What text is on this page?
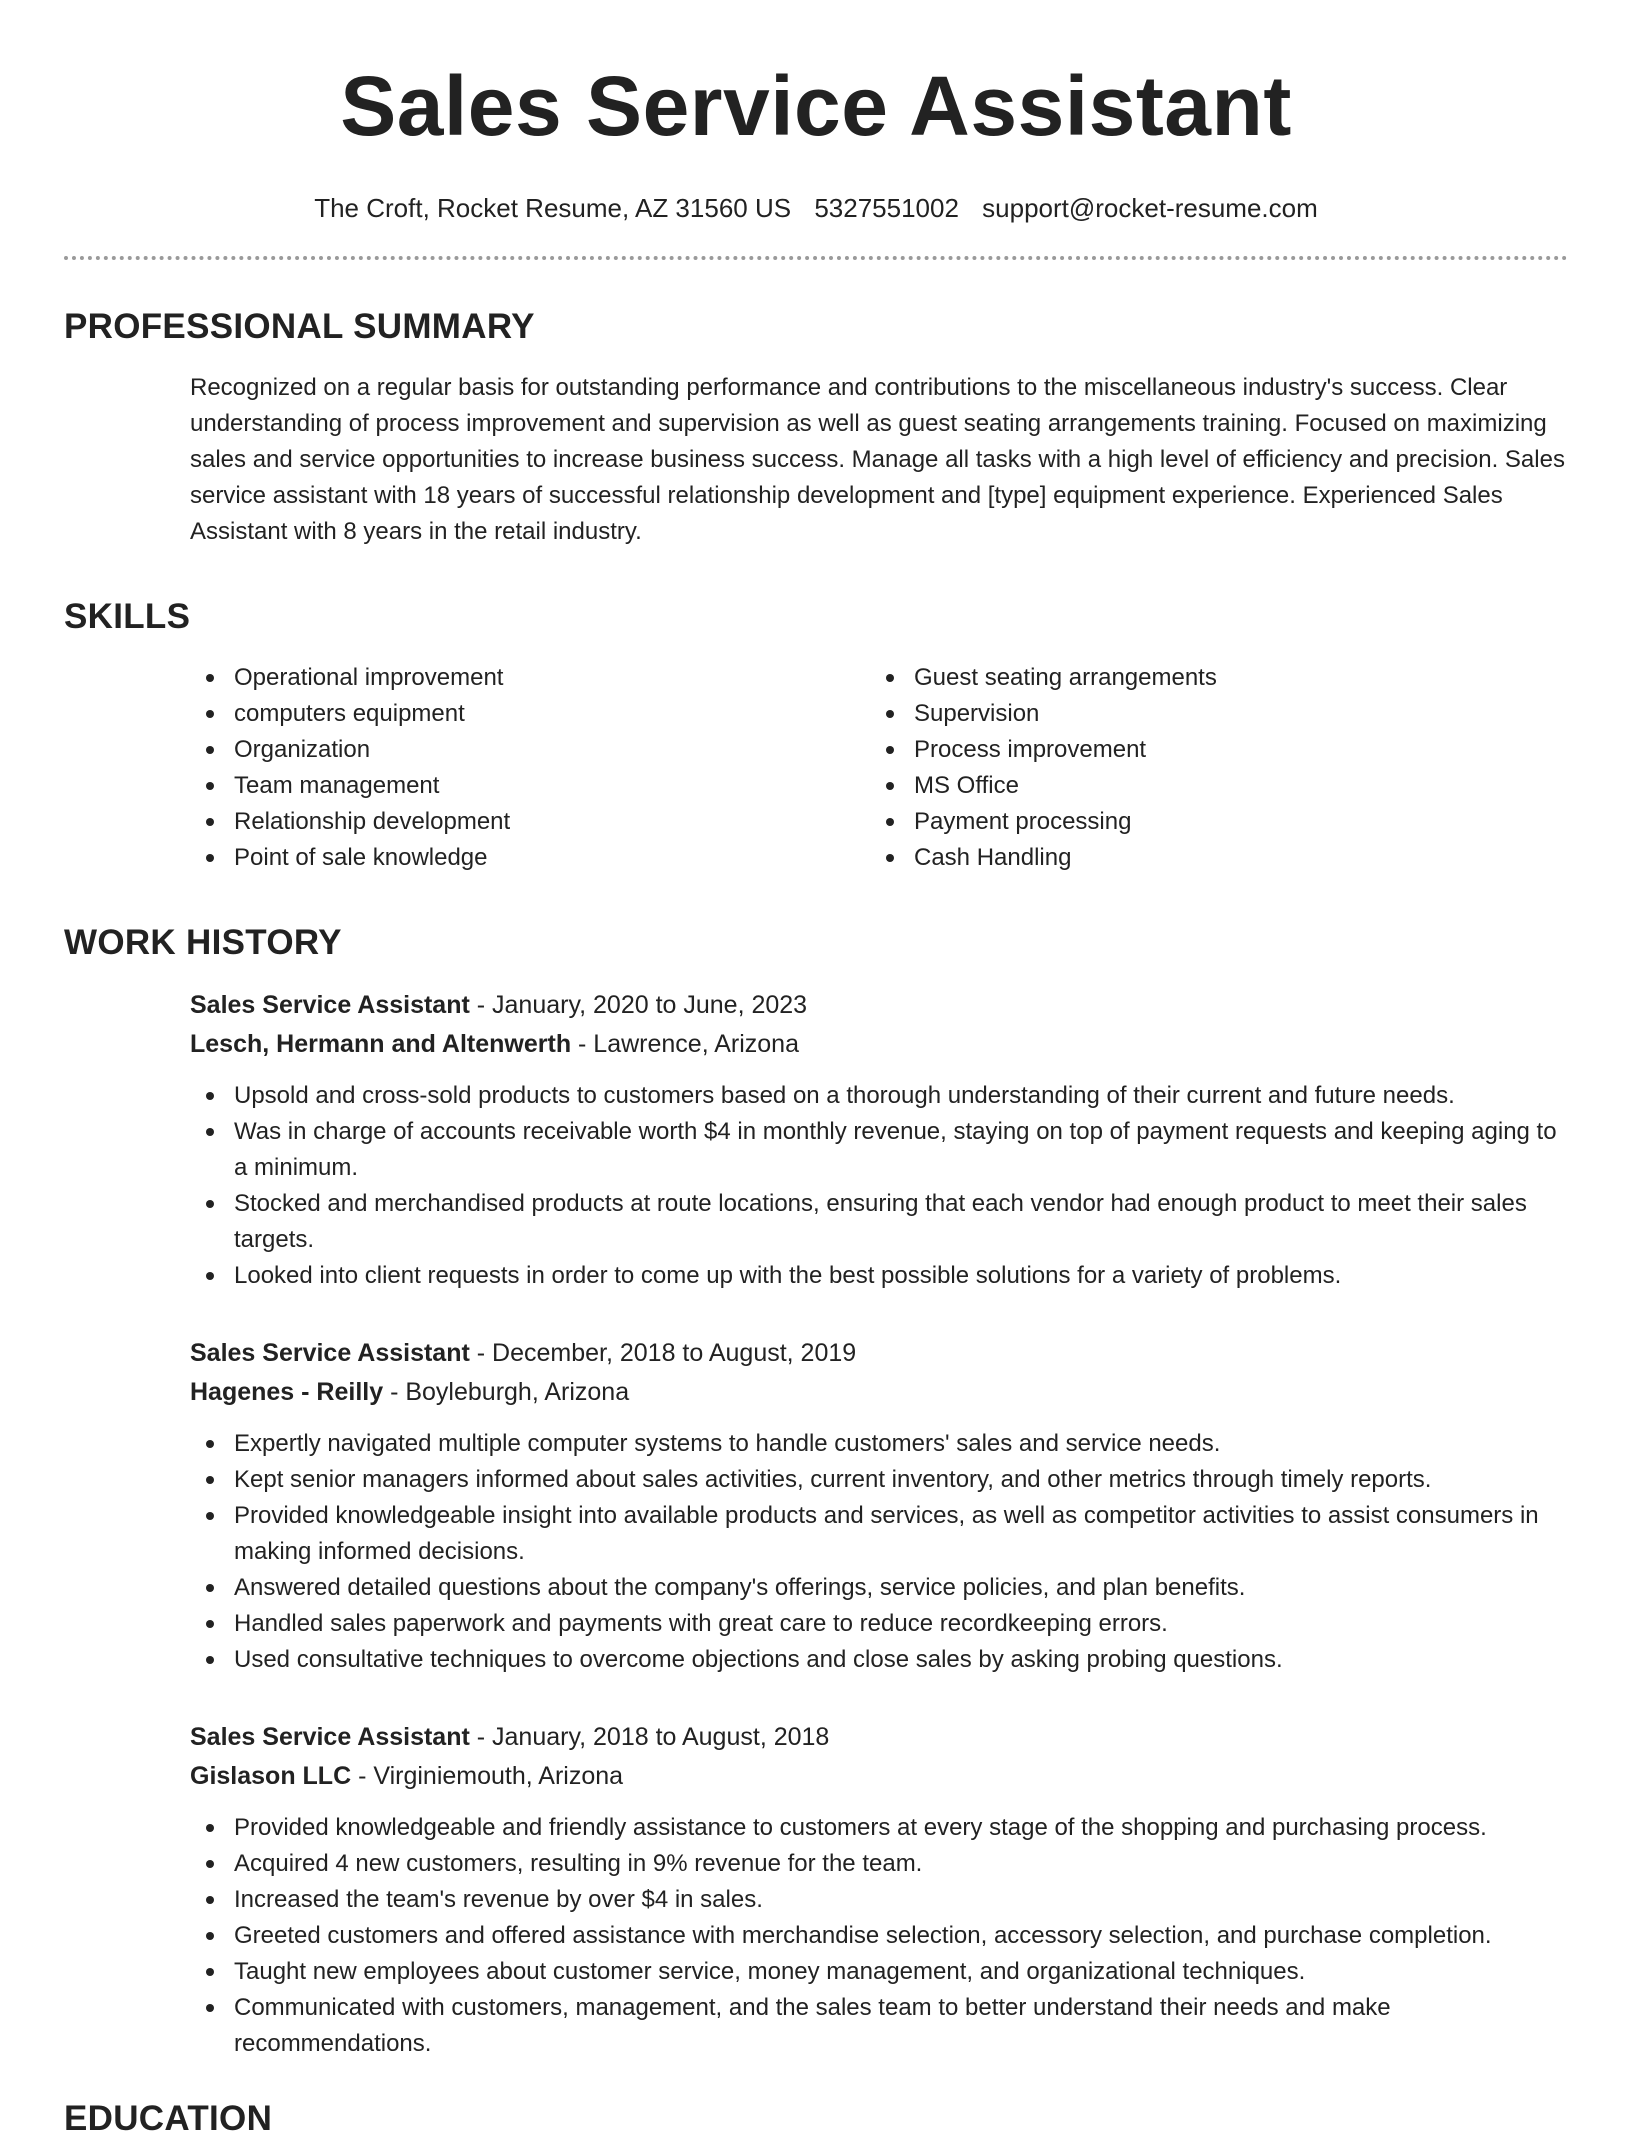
Sales Service Assistant
The Croft, Rocket Resume, AZ 31560 US 5327551002 support@rocket-resume.com
PROFESSIONAL SUMMARY

Recognized on a regular basis for outstanding performance and contributions to the miscellaneous industry's success. Clear understanding of process improvement and supervision as well as guest seating arrangements training. Focused on maximizing sales and service opportunities to increase business success. Manage all tasks with a high level of efficiency and precision. Sales service assistant with 18 years of successful relationship development and [type] equipment experience. Experienced Sales Assistant with 8 years in the retail industry.

SKILLS
Operational improvement
computers equipment
Organization
Team management
Relationship development
Point of sale knowledge
Guest seating arrangements
Supervision
Process improvement
MS Office
Payment processing
Cash Handling
WORK HISTORY
Sales Service Assistant - January, 2020 to June, 2023
Lesch, Hermann and Altenwerth - Lawrence, Arizona
Upsold and cross-sold products to customers based on a thorough understanding of their current and future needs.
Was in charge of accounts receivable worth $4 in monthly revenue, staying on top of payment requests and keeping aging to a minimum.
Stocked and merchandised products at route locations, ensuring that each vendor had enough product to meet their sales targets.
Looked into client requests in order to come up with the best possible solutions for a variety of problems.
Sales Service Assistant - December, 2018 to August, 2019
Hagenes - Reilly - Boyleburgh, Arizona
Expertly navigated multiple computer systems to handle customers' sales and service needs.
Kept senior managers informed about sales activities, current inventory, and other metrics through timely reports.
Provided knowledgeable insight into available products and services, as well as competitor activities to assist consumers in making informed decisions.
Answered detailed questions about the company's offerings, service policies, and plan benefits.
Handled sales paperwork and payments with great care to reduce recordkeeping errors.
Used consultative techniques to overcome objections and close sales by asking probing questions.
Sales Service Assistant - January, 2018 to August, 2018
Gislason LLC - Virginiemouth, Arizona
Provided knowledgeable and friendly assistance to customers at every stage of the shopping and purchasing process.
Acquired 4 new customers, resulting in 9% revenue for the team.
Increased the team's revenue by over $4 in sales.
Greeted customers and offered assistance with merchandise selection, accessory selection, and purchase completion.
Taught new employees about customer service, money management, and organizational techniques.
Communicated with customers, management, and the sales team to better understand their needs and make recommendations.
EDUCATION
